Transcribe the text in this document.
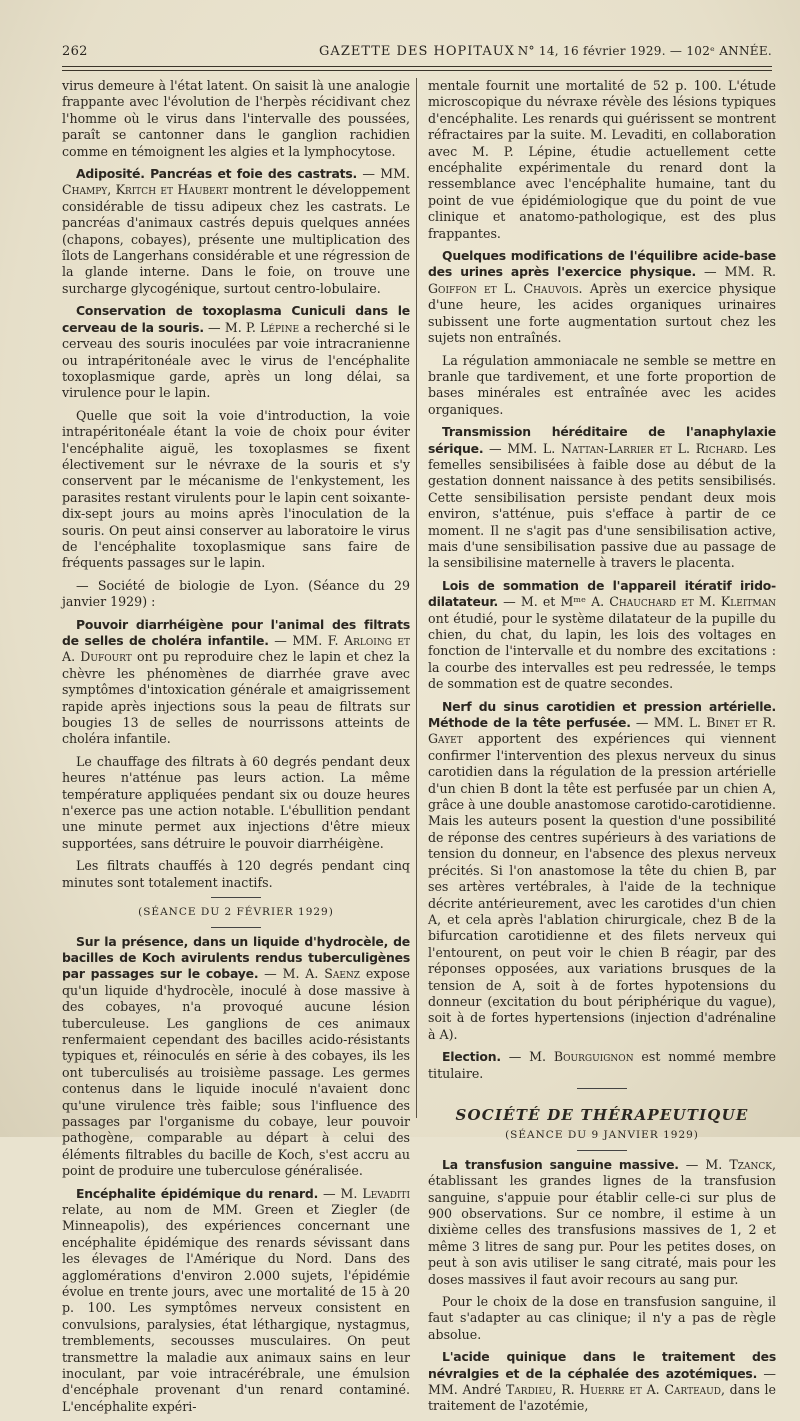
262	GAZETTE DES HOPITAUX N° 14, 16 février 1929. — 102ᵉ ANNÉE.

virus demeure à l'état latent. On saisit là une analogie frappante avec l'évolution de l'herpès récidivant chez l'homme où le virus dans l'intervalle des poussées, paraît se cantonner dans le ganglion rachidien comme en témoignent les algies et la lymphocytose.

Adiposité. Pancréas et foie des castrats. — MM. Champy, Kritch et Haubert montrent le développement considérable de tissu adipeux chez les castrats. Le pancréas d'animaux castrés depuis quelques années (chapons, cobayes), présente une multiplication des îlots de Langerhans considérable et une régression de la glande interne. Dans le foie, on trouve une surcharge glycogénique, surtout centro-lobulaire.

Conservation de toxoplasma Cuniculi dans le cerveau de la souris. — M. P. Lépine a recherché si le cerveau des souris inoculées par voie intracranienne ou intrapéritonéale avec le virus de l'encéphalite toxoplasmique garde, après un long délai, sa virulence pour le lapin.

Quelle que soit la voie d'introduction, la voie intrapéritonéale étant la voie de choix pour éviter l'encéphalite aiguë, les toxoplasmes se fixent électivement sur le névraxe de la souris et s'y conservent par le mécanisme de l'enkystement, les parasites restant virulents pour le lapin cent soixante-dix-sept jours au moins après l'inoculation de la souris. On peut ainsi conserver au laboratoire le virus de l'encéphalite toxoplasmique sans faire de fréquents passages sur le lapin.

— Société de biologie de Lyon. (Séance du 29 janvier 1929) :

Pouvoir diarrhéigène pour l'animal des filtrats de selles de choléra infantile. — MM. F. Arloing et A. Dufourt ont pu reproduire chez le lapin et chez la chèvre les phénomènes de diarrhée grave avec symptômes d'intoxication générale et amaigrissement rapide après injections sous la peau de filtrats sur bougies 13 de selles de nourrissons atteints de choléra infantile.

Le chauffage des filtrats à 60 degrés pendant deux heures n'atténue pas leurs action. La même température appliquées pendant six ou douze heures n'exerce pas une action notable. L'ébullition pendant une minute permet aux injections d'être mieux supportées, sans détruire le pouvoir diarrhéigène.

Les filtrats chauffés à 120 degrés pendant cinq minutes sont totalement inactifs.

(SÉANCE DU 2 FÉVRIER 1929)

Sur la présence, dans un liquide d'hydrocèle, de bacilles de Koch avirulents rendus tuberculigènes par passages sur le cobaye. — M. A. Saenz expose qu'un liquide d'hydrocèle, inoculé à dose massive à des cobayes, n'a provoqué aucune lésion tuberculeuse. Les ganglions de ces animaux renfermaient cependant des bacilles acido-résistants typiques et, réinoculés en série à des cobayes, ils les ont tuberculisés au troisième passage. Les germes contenus dans le liquide inoculé n'avaient donc qu'une virulence très faible; sous l'influence des passages par l'organisme du cobaye, leur pouvoir pathogène, comparable au départ à celui des éléments filtrables du bacille de Koch, s'est accru au point de produire une tuberculose généralisée.

Encéphalite épidémique du renard. — M. Levaditi relate, au nom de MM. Green et Ziegler (de Minneapolis), des expériences concernant une encéphalite épidémique des renards sévissant dans les élevages de l'Amérique du Nord. Dans des agglomérations d'environ 2.000 sujets, l'épidémie évolue en trente jours, avec une mortalité de 15 à 20 p. 100. Les symptômes nerveux consistent en convulsions, paralysies, état léthargique, nystagmus, tremblements, secousses musculaires. On peut transmettre la maladie aux animaux sains en leur inoculant, par voie intracérébrale, une émulsion d'encéphale provenant d'un renard contaminé. L'encéphalite expéri-

mentale fournit une mortalité de 52 p. 100. L'étude microscopique du névraxe révèle des lésions typiques d'encéphalite. Les renards qui guérissent se montrent réfractaires par la suite. M. Levaditi, en collaboration avec M. P. Lépine, étudie actuellement cette encéphalite expérimentale du renard dont la ressemblance avec l'encéphalite humaine, tant du point de vue épidémiologique que du point de vue clinique et anatomo-pathologique, est des plus frappantes.

Quelques modifications de l'équilibre acide-base des urines après l'exercice physique. — MM. R. Goiffon et L. Chauvois. Après un exercice physique d'une heure, les acides organiques urinaires subissent une forte augmentation surtout chez les sujets non entraînés.

La régulation ammoniacale ne semble se mettre en branle que tardivement, et une forte proportion de bases minérales est entraînée avec les acides organiques.

Transmission héréditaire de l'anaphylaxie sérique. — MM. L. Nattan-Larrier et L. Richard. Les femelles sensibilisées à faible dose au début de la gestation donnent naissance à des petits sensibilisés. Cette sensibilisation persiste pendant deux mois environ, s'atténue, puis s'efface à partir de ce moment. Il ne s'agit pas d'une sensibilisation active, mais d'une sensibilisation passive due au passage de la sensibilisine maternelle à travers le placenta.

Lois de sommation de l'appareil itératif irido-dilatateur. — M. et Mᵐᵉ A. Chauchard et M. Kleitman ont étudié, pour le système dilatateur de la pupille du chien, du chat, du lapin, les lois des voltages en fonction de l'intervalle et du nombre des excitations : la courbe des intervalles est peu redressée, le temps de sommation est de quatre secondes.

Nerf du sinus carotidien et pression artérielle. Méthode de la tête perfusée. — MM. L. Binet et R. Gayet apportent des expériences qui viennent confirmer l'intervention des plexus nerveux du sinus carotidien dans la régulation de la pression artérielle d'un chien B dont la tête est perfusée par un chien A, grâce à une double anastomose carotido-carotidienne. Mais les auteurs posent la question d'une possibilité de réponse des centres supérieurs à des variations de tension du donneur, en l'absence des plexus nerveux précités. Si l'on anastomose la tête du chien B, par ses artères vertébrales, à l'aide de la technique décrite antérieurement, avec les carotides d'un chien A, et cela après l'ablation chirurgicale, chez B de la bifurcation carotidienne et des filets nerveux qui l'entourent, on peut voir le chien B réagir, par des réponses opposées, aux variations brusques de la tension de A, soit à de fortes hypotensions du donneur (excitation du bout périphérique du vague), soit à de fortes hypertensions (injection d'adrénaline à A).

Election. — M. Bourguignon est nommé membre titulaire.

SOCIÉTÉ DE THÉRAPEUTIQUE

(SÉANCE DU 9 JANVIER 1929)

La transfusion sanguine massive. — M. Tzanck, établissant les grandes lignes de la transfusion sanguine, s'appuie pour établir celle-ci sur plus de 900 observations. Sur ce nombre, il estime à un dixième celles des transfusions massives de 1, 2 et même 3 litres de sang pur. Pour les petites doses, on peut à son avis utiliser le sang citraté, mais pour les doses massives il faut avoir recours au sang pur.

Pour le choix de la dose en transfusion sanguine, il faut s'adapter au cas clinique; il n'y a pas de règle absolue.

L'acide quinique dans le traitement des névralgies et de la céphalée des azotémiques. — MM. André Tardieu, R. Huerre et A. Carteaud, dans le traitement de l'azotémie,
